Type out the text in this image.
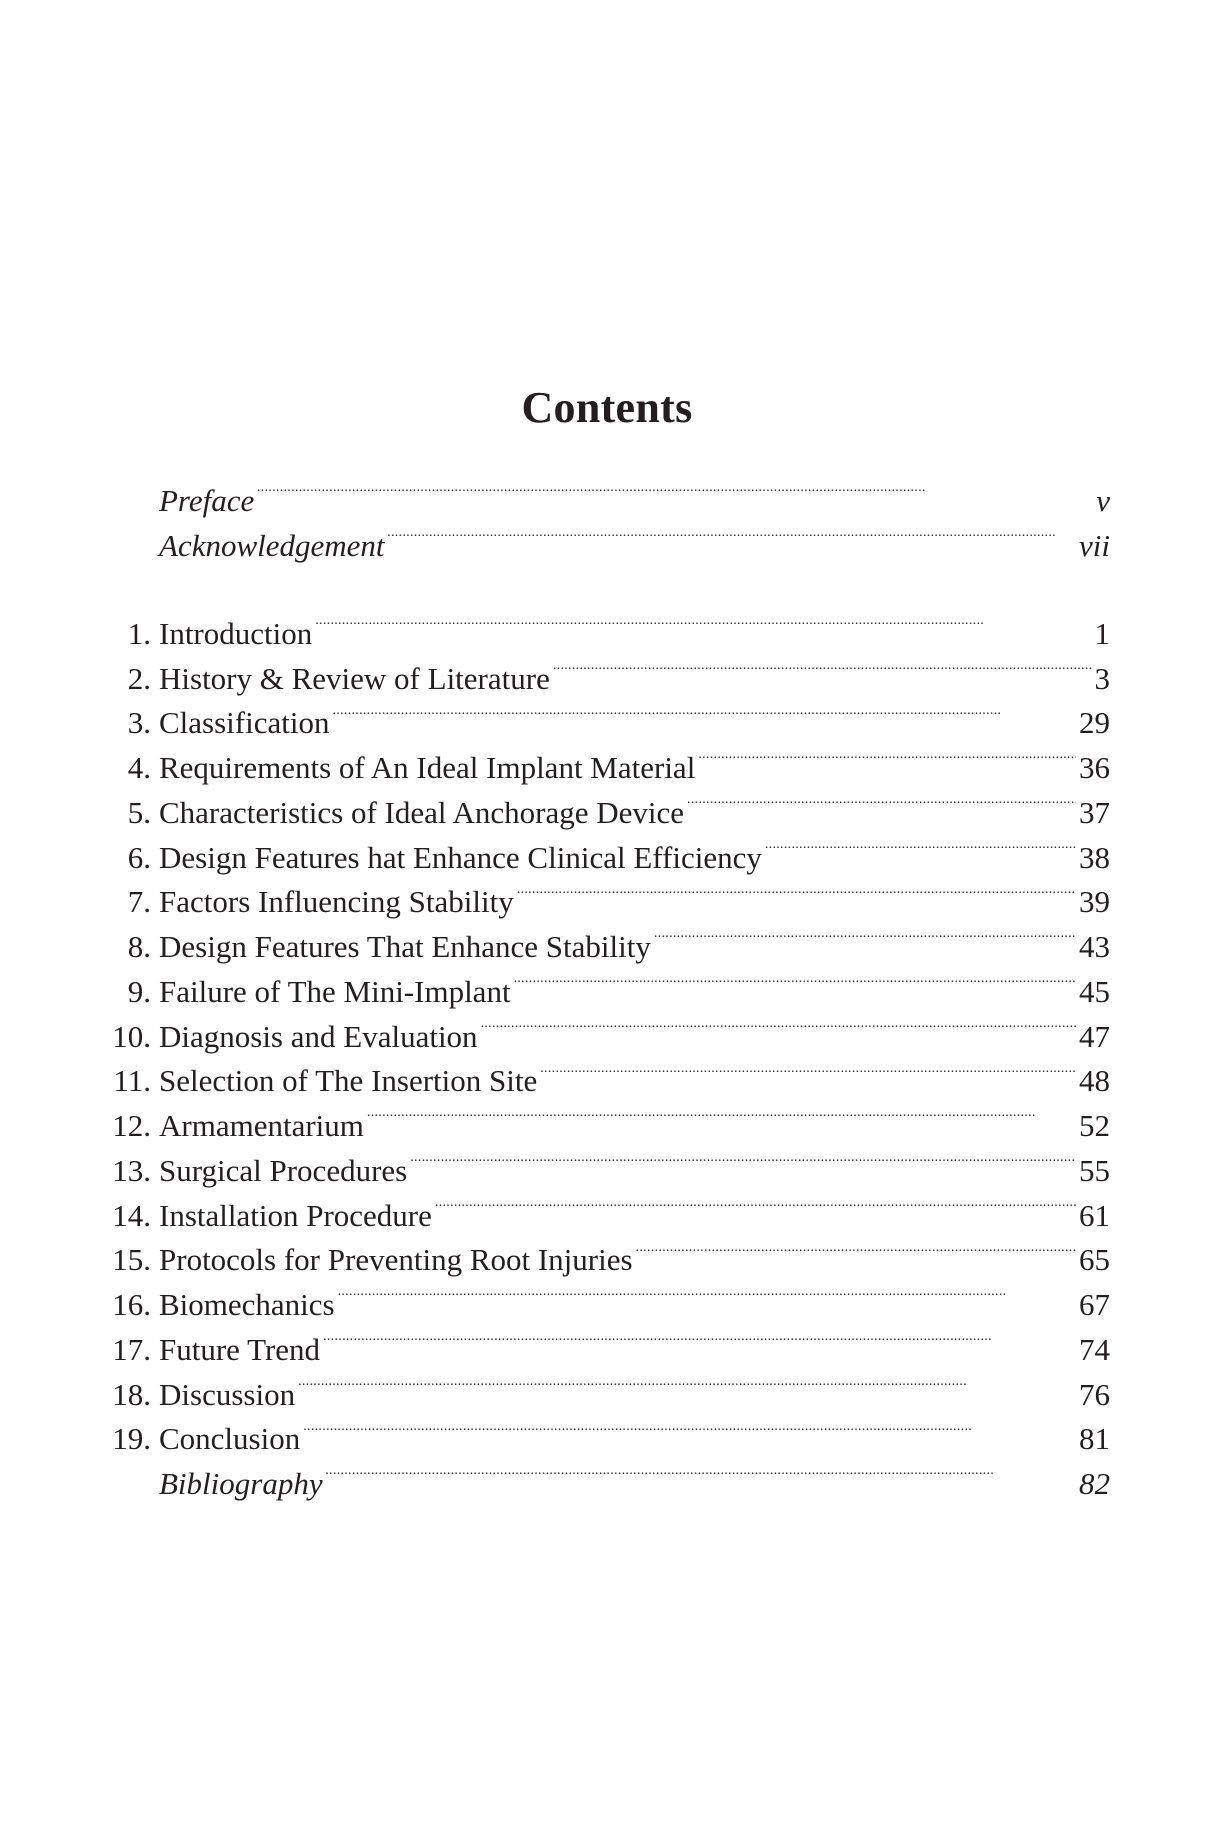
Contents
Preface . . .	v
Acknowledgement . . .	vii
1. Introduction . . .	1
2. History & Review of Literature . . .	3
3. Classification . . .	29
4. Requirements of An Ideal Implant Material . . .	36
5. Characteristics of Ideal Anchorage Device . . .	37
6. Design Features hat Enhance Clinical Efficiency . . .	38
7. Factors Influencing Stability . . .	39
8. Design Features That Enhance Stability . . .	43
9. Failure of The Mini-Implant . . .	45
10. Diagnosis and Evaluation . . .	47
11. Selection of The Insertion Site . . .	48
12. Armamentarium . . .	52
13. Surgical Procedures . . .	55
14. Installation Procedure . . .	61
15. Protocols for Preventing Root Injuries . . .	65
16. Biomechanics . . .	67
17. Future Trend . . .	74
18. Discussion . . .	76
19. Conclusion . . .	81
Bibliography . . .	82
